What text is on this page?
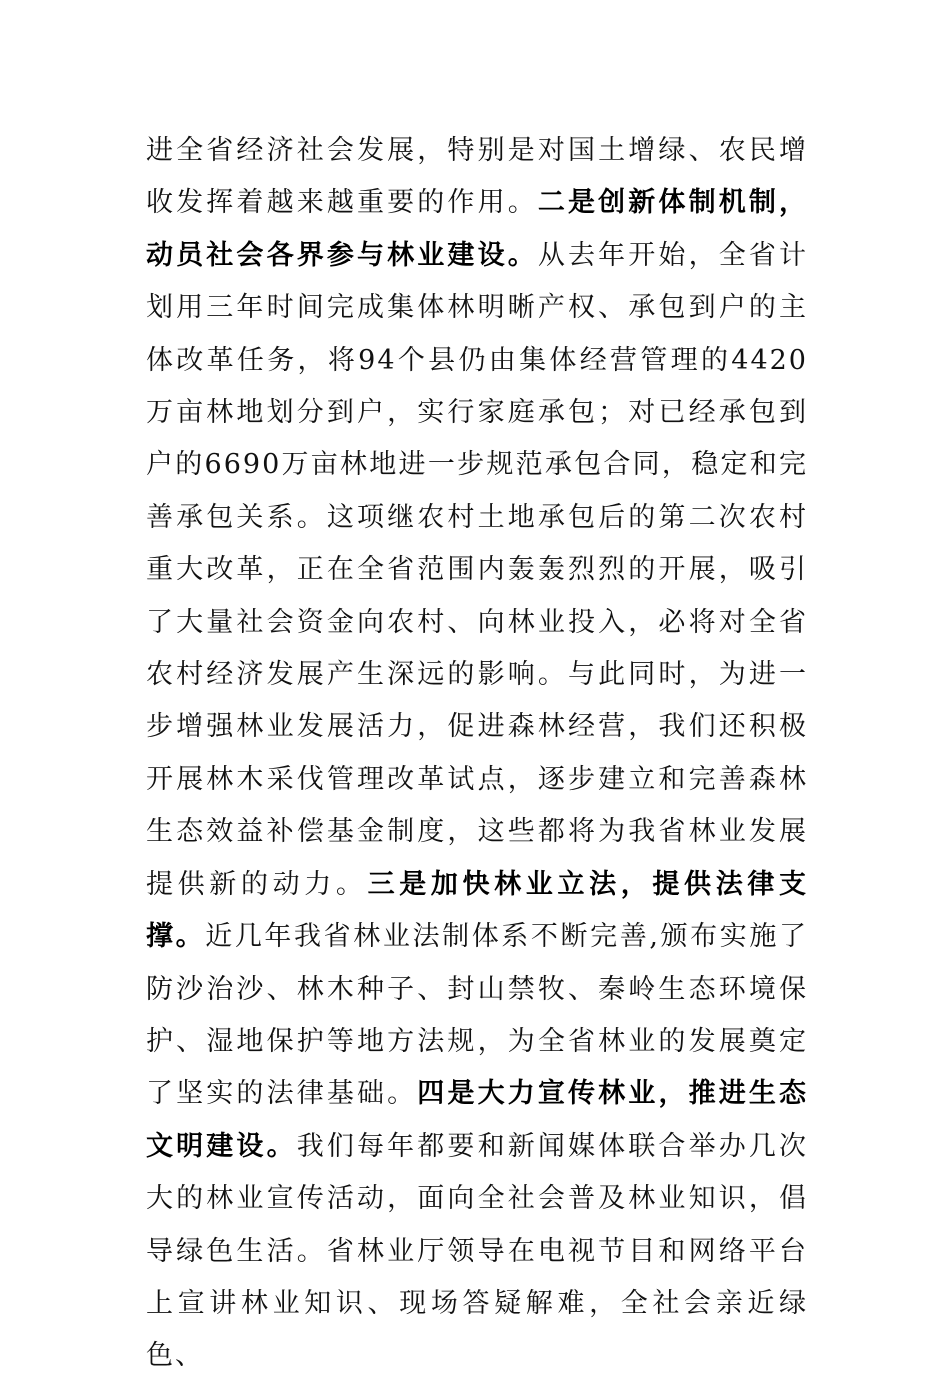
进全省经济社会发展，特别是对国土增绿、农民增收发挥着越来越重要的作用。二是创新体制机制，动员社会各界参与林业建设。从去年开始，全省计划用三年时间完成集体林明晰产权、承包到户的主体改革任务，将94个县仍由集体经营管理的4420万亩林地划分到户，实行家庭承包；对已经承包到户的6690万亩林地进一步规范承包合同，稳定和完善承包关系。这项继农村土地承包后的第二次农村重大改革，正在全省范围内轰轰烈烈的开展，吸引了大量社会资金向农村、向林业投入，必将对全省农村经济发展产生深远的影响。与此同时，为进一步增强林业发展活力，促进森林经营，我们还积极开展林木采伐管理改革试点，逐步建立和完善森林生态效益补偿基金制度，这些都将为我省林业发展提供新的动力。三是加快林业立法，提供法律支撑。近几年我省林业法制体系不断完善,颁布实施了防沙治沙、林木种子、封山禁牧、秦岭生态环境保护、湿地保护等地方法规，为全省林业的发展奠定了坚实的法律基础。四是大力宣传林业，推进生态文明建设。我们每年都要和新闻媒体联合举办几次大的林业宣传活动，面向全社会普及林业知识，倡导绿色生活。省林业厅领导在电视节目和网络平台上宣讲林业知识、现场答疑解难，全社会亲近绿色、
